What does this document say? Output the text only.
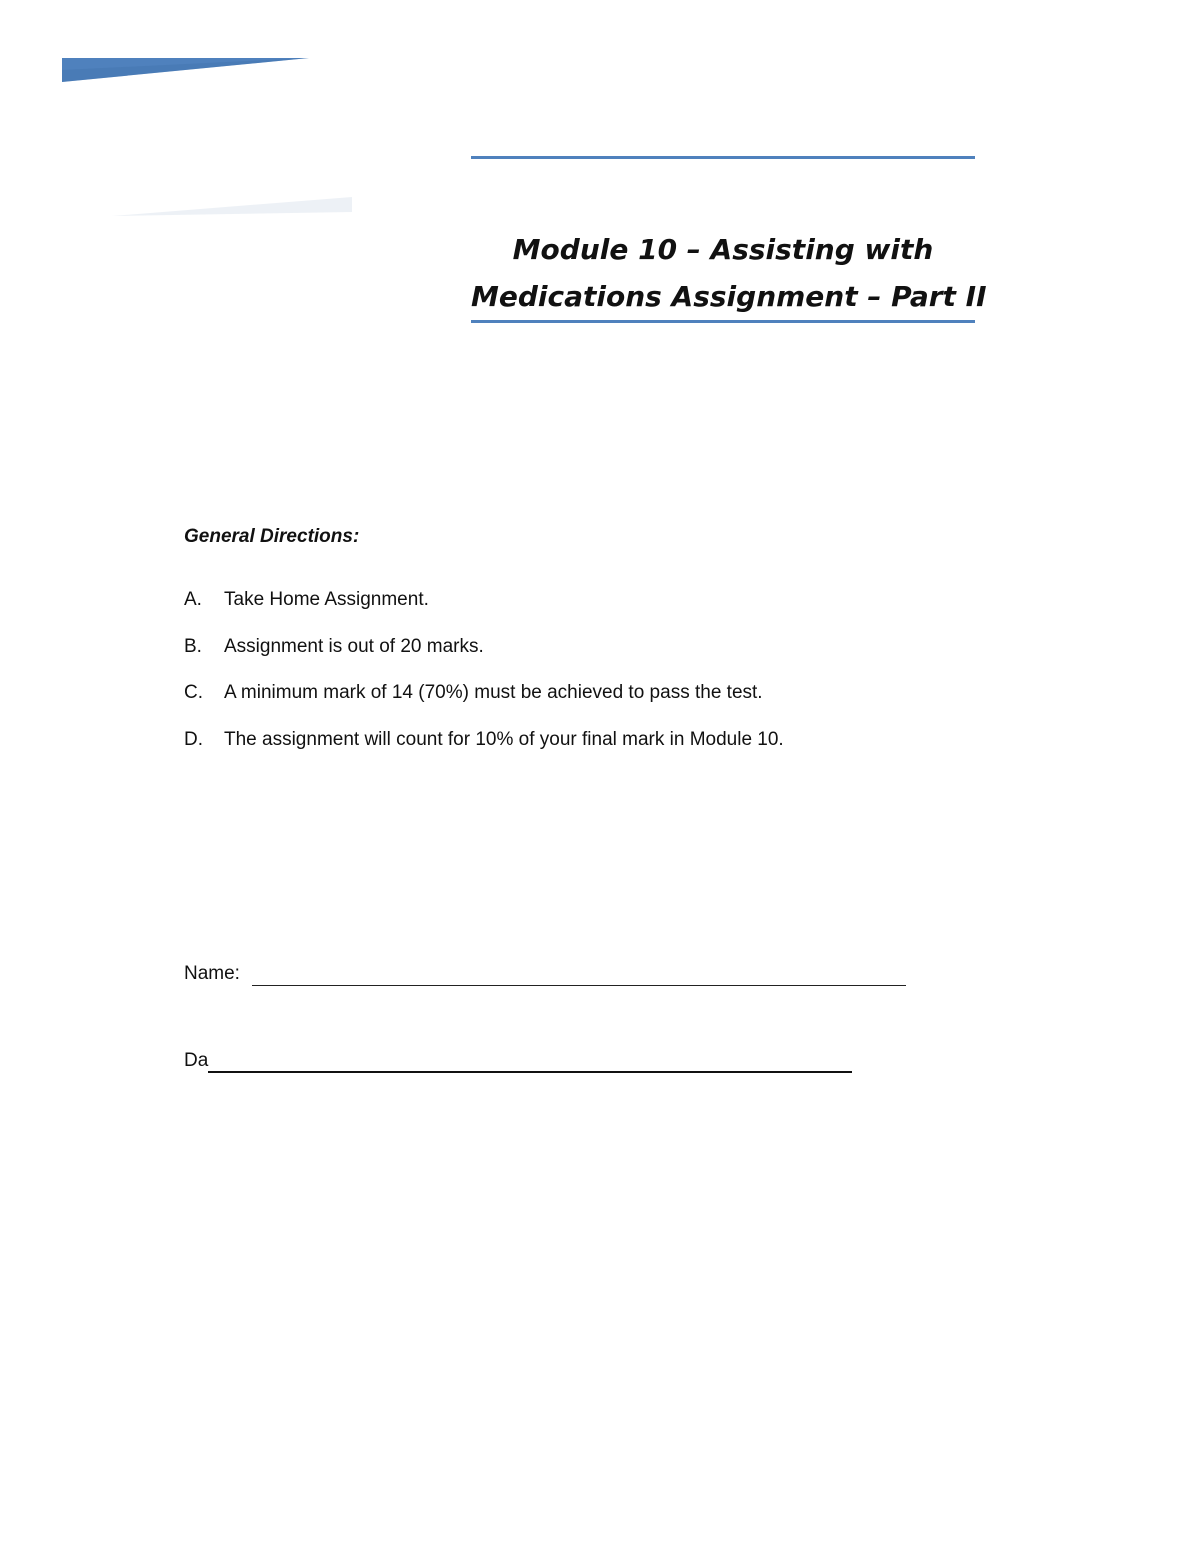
Module 10 – Assisting with
Medications Assignment – Part II
General Directions:
A.	Take Home Assignment.
B.	Assignment is out of 20 marks.
C.	A minimum mark of 14 (70%) must be achieved to pass the test.
D.	The assignment will count for 10% of your final mark in Module 10.
Name:
Da
